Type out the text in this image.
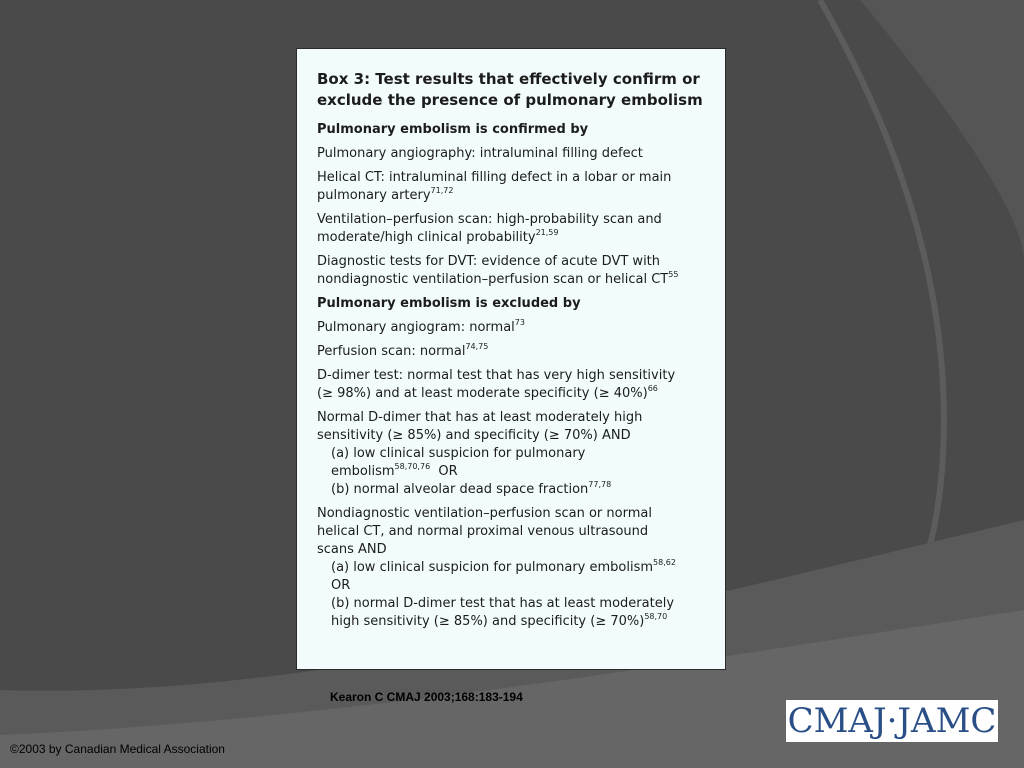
Box 3: Test results that effectively confirm or
exclude the presence of pulmonary embolism
Pulmonary embolism is confirmed by
Pulmonary angiography: intraluminal filling defect
Helical CT: intraluminal filling defect in a lobar or main
pulmonary artery$^{71,72}$
Ventilation–perfusion scan: high-probability scan and
moderate/high clinical probability$^{21,59}$
Diagnostic tests for DVT: evidence of acute DVT with
nondiagnostic ventilation–perfusion scan or helical CT$^{55}$
Pulmonary embolism is excluded by
Pulmonary angiogram: normal$^{73}$
Perfusion scan: normal$^{74,75}$
D-dimer test: normal test that has very high sensitivity
(≥ 98%) and at least moderate specificity (≥ 40%)$^{66}$
Normal D-dimer that has at least moderately high
sensitivity (≥ 85%) and specificity (≥ 70%) AND
(a) low clinical suspicion for pulmonary
embolism$^{58,70,76}$ OR
(b) normal alveolar dead space fraction$^{77,78}$
Nondiagnostic ventilation–perfusion scan or normal
helical CT, and normal proximal venous ultrasound
scans AND
(a) low clinical suspicion for pulmonary embolism$^{58,62}$
OR
(b) normal D-dimer test that has at least moderately
high sensitivity (≥ 85%) and specificity (≥ 70%)$^{58,70}$
Kearon C CMAJ 2003;168:183-194
CMAJ·JAMC
©2003 by Canadian Medical Association
